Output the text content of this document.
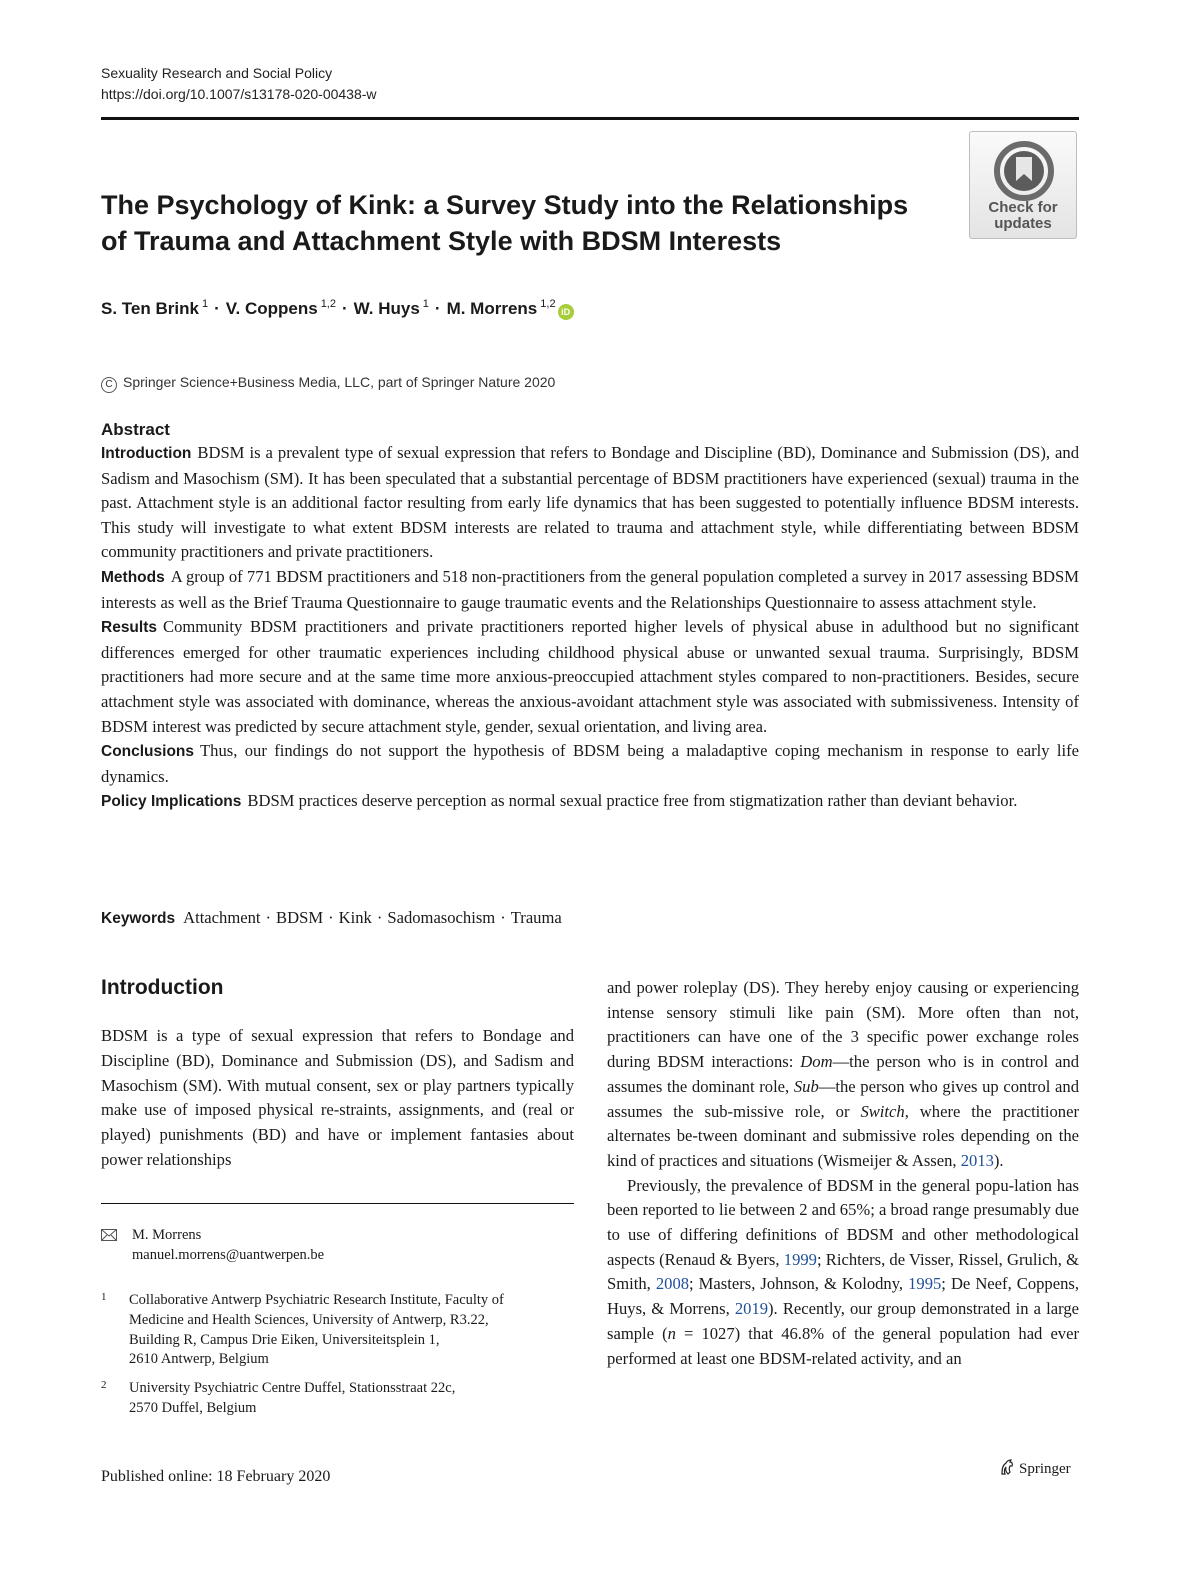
Sexuality Research and Social Policy
https://doi.org/10.1007/s13178-020-00438-w
Check for
updates
The Psychology of Kink: a Survey Study into the Relationships
of Trauma and Attachment Style with BDSM Interests
S. Ten Brink $^1$ · V. Coppens $^{1,2}$ · W. Huys $^1$ · M. Morrens $^{1,2}$iD
C Springer Science+Business Media, LLC, part of Springer Nature 2020
Abstract

Introduction BDSM is a prevalent type of sexual expression that refers to Bondage and Discipline (BD), Dominance and Submission (DS), and Sadism and Masochism (SM). It has been speculated that a substantial percentage of BDSM practitioners have experienced (sexual) trauma in the past. Attachment style is an additional factor resulting from early life dynamics that has been suggested to potentially influence BDSM interests. This study will investigate to what extent BDSM interests are related to trauma and attachment style, while differentiating between BDSM community practitioners and private practitioners.

Methods A group of 771 BDSM practitioners and 518 non-practitioners from the general population completed a survey in 2017 assessing BDSM interests as well as the Brief Trauma Questionnaire to gauge traumatic events and the Relationships Questionnaire to assess attachment style.

Results Community BDSM practitioners and private practitioners reported higher levels of physical abuse in adulthood but no significant differences emerged for other traumatic experiences including childhood physical abuse or unwanted sexual trauma. Surprisingly, BDSM practitioners had more secure and at the same time more anxious-preoccupied attachment styles compared to non-practitioners. Besides, secure attachment style was associated with dominance, whereas the anxious-avoidant attachment style was associated with submissiveness. Intensity of BDSM interest was predicted by secure attachment style, gender, sexual orientation, and living area.

Conclusions Thus, our findings do not support the hypothesis of BDSM being a maladaptive coping mechanism in response to early life dynamics.

Policy Implications BDSM practices deserve perception as normal sexual practice free from stigmatization rather than deviant behavior.

Keywords Attachment · BDSM · Kink · Sadomasochism · Trauma
Introduction

BDSM is a type of sexual expression that refers to Bondage and Discipline (BD), Dominance and Submission (DS), and Sadism and Masochism (SM). With mutual consent, sex or play partners typically make use of imposed physical re-straints, assignments, and (real or played) punishments (BD) and have or implement fantasies about power relationships

M. Morrens
manuel.morrens@uantwerpen.be
1 Collaborative Antwerp Psychiatric Research Institute, Faculty of
Medicine and Health Sciences, University of Antwerp, R3.22,
Building R, Campus Drie Eiken, Universiteitsplein 1,
2610 Antwerp, Belgium
2 University Psychiatric Centre Duffel, Stationsstraat 22c,
2570 Duffel, Belgium

and power roleplay (DS). They hereby enjoy causing or experiencing intense sensory stimuli like pain (SM). More often than not, practitioners can have one of the 3 specific power exchange roles during BDSM interactions: Dom—the person who is in control and assumes the dominant role, Sub—the person who gives up control and assumes the sub-missive role, or Switch, where the practitioner alternates be-tween dominant and submissive roles depending on the kind of practices and situations (Wismeijer & Assen, 2013).

Previously, the prevalence of BDSM in the general popu-lation has been reported to lie between 2 and 65%; a broad range presumably due to use of differing definitions of BDSM and other methodological aspects (Renaud & Byers, 1999; Richters, de Visser, Rissel, Grulich, & Smith, 2008; Masters, Johnson, & Kolodny, 1995; De Neef, Coppens, Huys, & Morrens, 2019). Recently, our group demonstrated in a large sample (n = 1027) that 46.8% of the general population had ever performed at least one BDSM-related activity, and an

Published online: 18 February 2020	Springer
